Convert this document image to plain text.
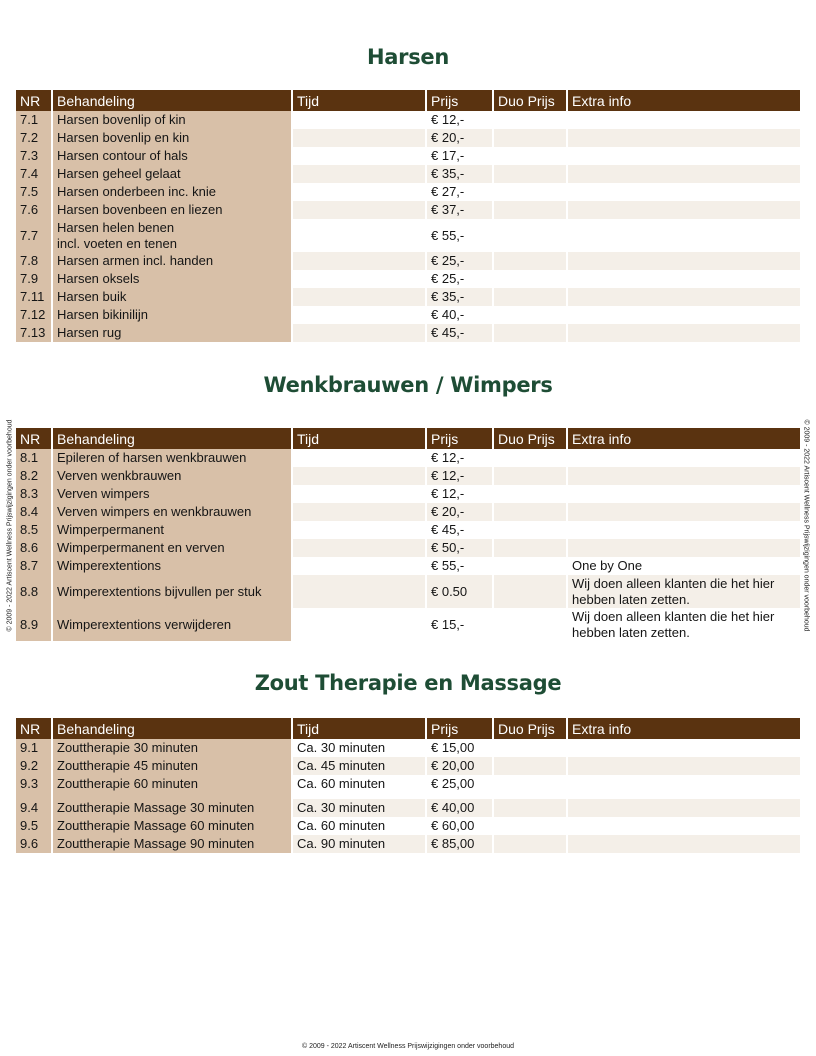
Harsen
NR	Behandeling	Tijd	Prijs	Duo Prijs	Extra info
7.1	Harsen bovenlip of kin		€ 12,-		
7.2	Harsen bovenlip en kin		€ 20,-		
7.3	Harsen contour of hals		€ 17,-		
7.4	Harsen geheel gelaat		€ 35,-		
7.5	Harsen onderbeen inc. knie		€ 27,-		
7.6	Harsen bovenbeen en liezen		€ 37,-		
7.7	Harsen helen benen
incl. voeten en tenen		€ 55,-		
7.8	Harsen armen incl. handen		€ 25,-		
7.9	Harsen oksels		€ 25,-		
7.11	Harsen buik		€ 35,-		
7.12	Harsen bikinilijn		€ 40,-		
7.13	Harsen rug		€ 45,-		
Wenkbrauwen / Wimpers
NR	Behandeling	Tijd	Prijs	Duo Prijs	Extra info
8.1	Epileren of harsen wenkbrauwen		€ 12,-		
8.2	Verven wenkbrauwen		€ 12,-		
8.3	Verven wimpers		€ 12,-		
8.4	Verven wimpers en wenkbrauwen		€ 20,-		
8.5	Wimperpermanent		€ 45,-		
8.6	Wimperpermanent en verven		€ 50,-		
8.7	Wimperextentions		€ 55,-		One by One
8.8	Wimperextentions bijvullen per stuk		€ 0.50		Wij doen alleen klanten die het hier
hebben laten zetten.
8.9	Wimperextentions verwijderen		€ 15,-		Wij doen alleen klanten die het hier
hebben laten zetten.
Zout Therapie en Massage
NR	Behandeling	Tijd	Prijs	Duo Prijs	Extra info
9.1	Zouttherapie 30 minuten	Ca. 30 minuten	€ 15,00		
9.2	Zouttherapie 45 minuten	Ca. 45 minuten	€ 20,00		
9.3	Zouttherapie 60 minuten	Ca. 60 minuten	€ 25,00		

9.4	Zouttherapie Massage 30 minuten	Ca. 30 minuten	€ 40,00		
9.5	Zouttherapie Massage 60 minuten	Ca. 60 minuten	€ 60,00		
9.6	Zouttherapie Massage 90 minuten	Ca. 90 minuten	€ 85,00		
© 2009 - 2022 Artiscent Wellness Prijswijzigingen onder voorbehoud	© 2009 - 2022 Artiscent Wellness Prijswijzigingen onder voorbehoud
© 2009 - 2022 Artiscent Wellness Prijswijzigingen onder voorbehoud
